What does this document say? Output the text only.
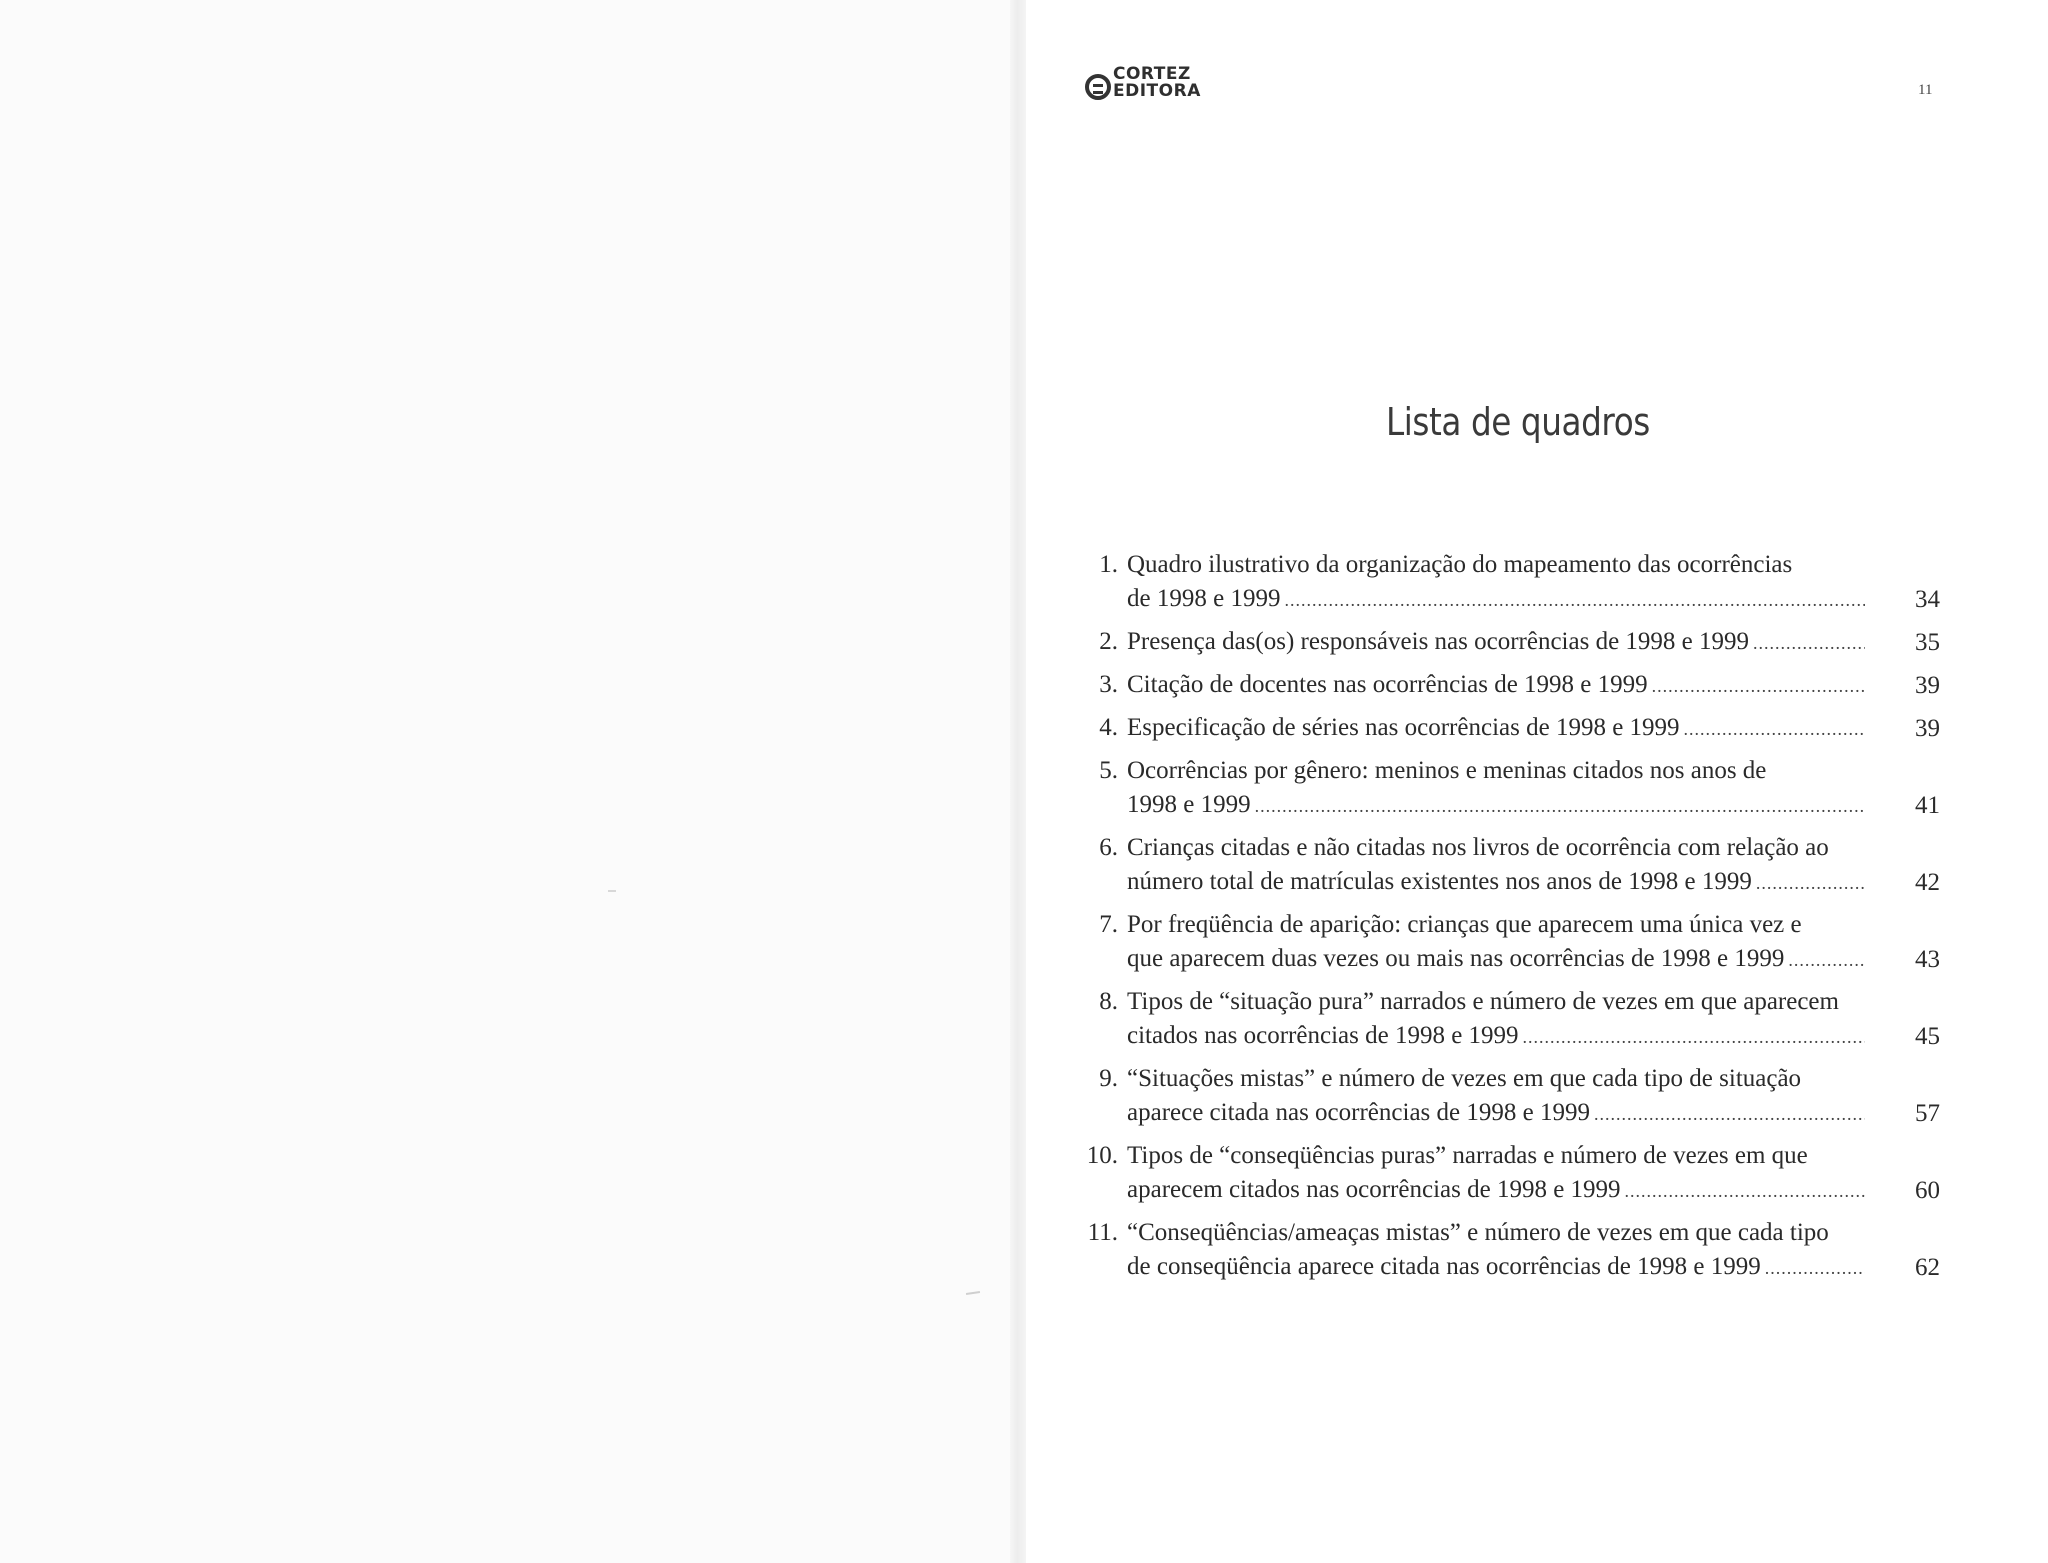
CORTEZ
EDITORA	11
Lista de quadros
1. Quadro ilustrativo da organização do mapeamento das ocorrências
de 1998 e 1999 .....	34
2. Presença das(os) responsáveis nas ocorrências de 1998 e 1999 .....	35
3. Citação de docentes nas ocorrências de 1998 e 1999 .....	39
4. Especificação de séries nas ocorrências de 1998 e 1999 .....	39
5. Ocorrências por gênero: meninos e meninas citados nos anos de
1998 e 1999 .....	41
6. Crianças citadas e não citadas nos livros de ocorrência com relação ao
número total de matrículas existentes nos anos de 1998 e 1999 .....	42
7. Por freqüência de aparição: crianças que aparecem uma única vez e
que aparecem duas vezes ou mais nas ocorrências de 1998 e 1999 .....	43
8. Tipos de “situação pura” narrados e número de vezes em que aparecem
citados nas ocorrências de 1998 e 1999 .....	45
9. “Situações mistas” e número de vezes em que cada tipo de situação
aparece citada nas ocorrências de 1998 e 1999 .....	57
10. Tipos de “conseqüências puras” narradas e número de vezes em que
aparecem citados nas ocorrências de 1998 e 1999 .....	60
11. “Conseqüências/ameaças mistas” e número de vezes em que cada tipo
de conseqüência aparece citada nas ocorrências de 1998 e 1999 .....	62
